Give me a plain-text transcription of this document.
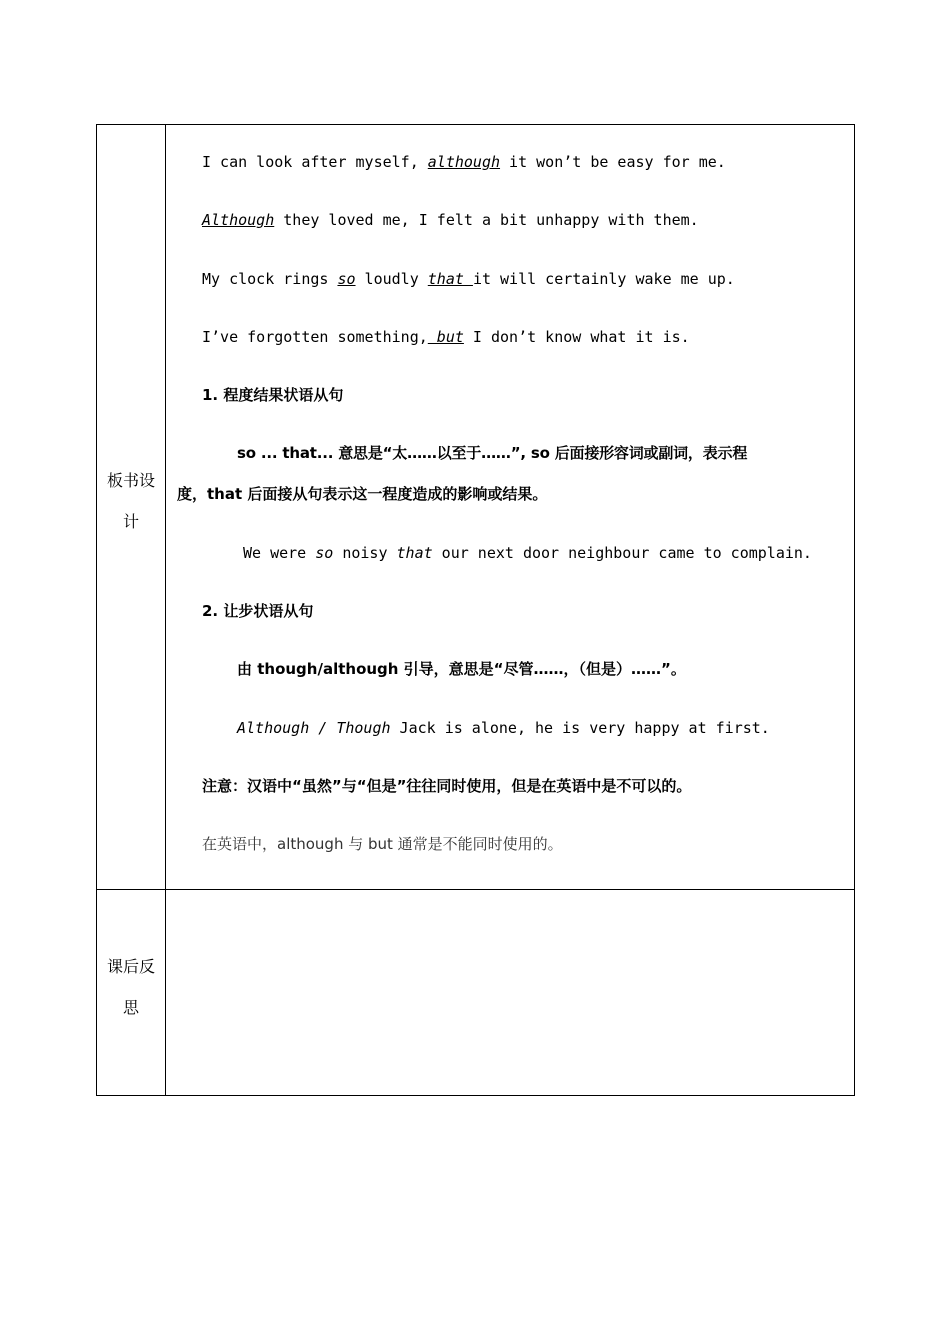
板书设
计
课后反
思
I can look after myself, although it won’t be easy for me.
Although they loved me, I felt a bit unhappy with them.
My clock rings so loudly that it will certainly wake me up.
I’ve forgotten something, but I don’t know what it is.
1. 程度结果状语从句
so ... that... 意思是“太……以至于……”, so 后面接形容词或副词，表示程
度，that 后面接从句表示这一程度造成的影响或结果。
We were so noisy that our next door neighbour came to complain.
2. 让步状语从句
由 though/although 引导，意思是“尽管……，（但是）……”。
Although / Though Jack is alone, he is very happy at first.
注意：汉语中“虽然”与“但是”往往同时使用，但是在英语中是不可以的。
在英语中，although 与 but 通常是不能同时使用的。
